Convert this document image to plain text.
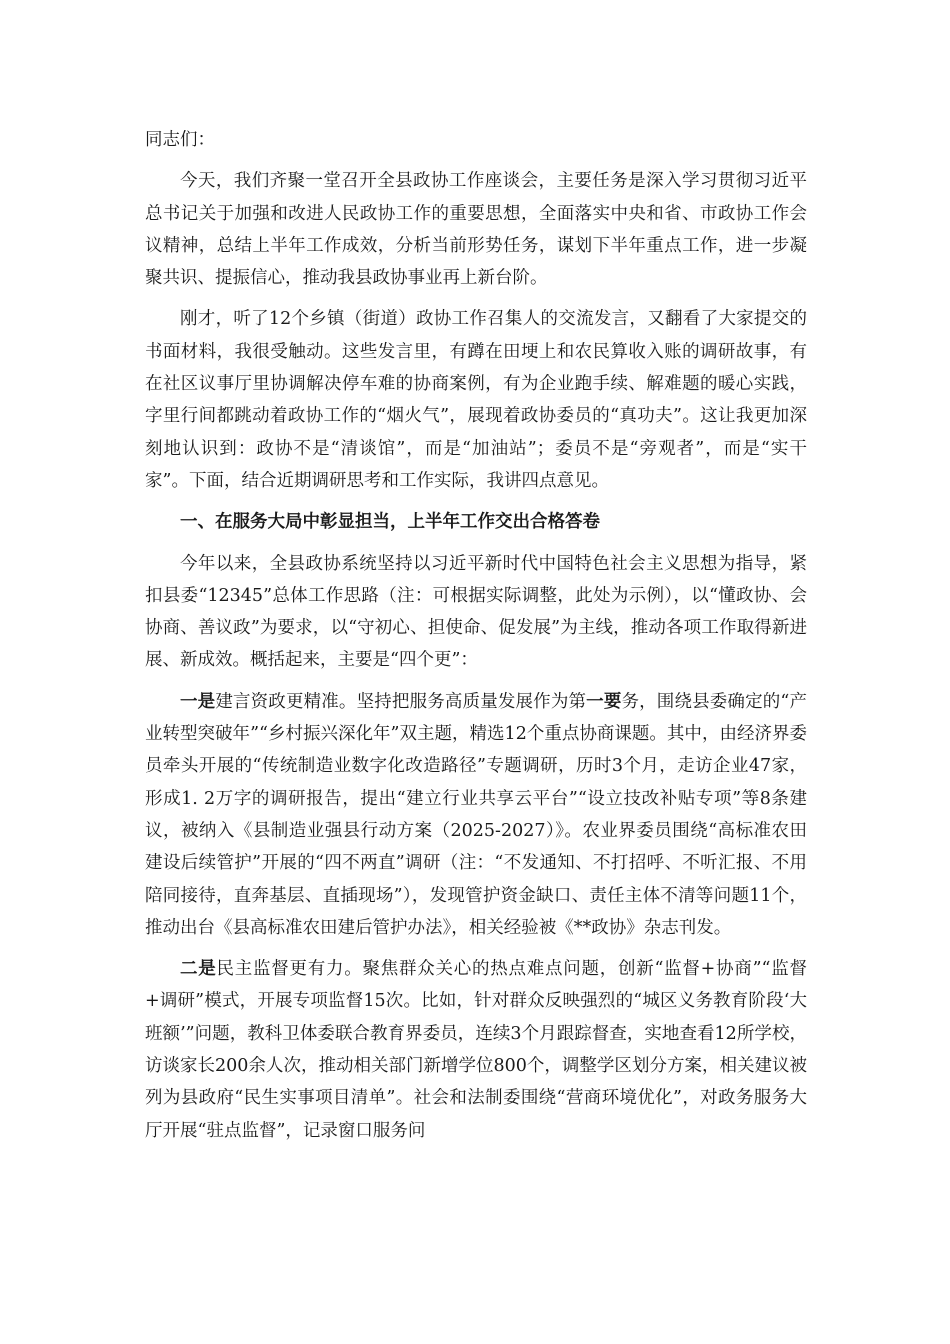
同志们：

今天，我们齐聚一堂召开全县政协工作座谈会，主要任务是深入学习贯彻习近平总书记关于加强和改进人民政协工作的重要思想，全面落实中央和省、市政协工作会议精神，总结上半年工作成效，分析当前形势任务，谋划下半年重点工作，进一步凝聚共识、提振信心，推动我县政协事业再上新台阶。

刚才，听了12个乡镇（街道）政协工作召集人的交流发言，又翻看了大家提交的书面材料，我很受触动。这些发言里，有蹲在田埂上和农民算收入账的调研故事，有在社区议事厅里协调解决停车难的协商案例，有为企业跑手续、解难题的暖心实践，字里行间都跳动着政协工作的“烟火气”，展现着政协委员的“真功夫”。这让我更加深刻地认识到：政协不是“清谈馆”，而是“加油站”；委员不是“旁观者”，而是“实干家”。下面，结合近期调研思考和工作实际，我讲四点意见。

一、在服务大局中彰显担当，上半年工作交出合格答卷

今年以来，全县政协系统坚持以习近平新时代中国特色社会主义思想为指导，紧扣县委“12345”总体工作思路（注：可根据实际调整，此处为示例），以“懂政协、会协商、善议政”为要求，以“守初心、担使命、促发展”为主线，推动各项工作取得新进展、新成效。概括起来，主要是“四个更”：

一是建言资政更精准。坚持把服务高质量发展作为第一要务，围绕县委确定的“产业转型突破年”“乡村振兴深化年”双主题，精选12个重点协商课题。其中，由经济界委员牵头开展的“传统制造业数字化改造路径”专题调研，历时3个月，走访企业47家，形成1. 2万字的调研报告，提出“建立行业共享云平台”“设立技改补贴专项”等8条建议，被纳入《县制造业强县行动方案（2025-2027）》。农业界委员围绕“高标准农田建设后续管护”开展的“四不两直”调研（注：“不发通知、不打招呼、不听汇报、不用陪同接待，直奔基层、直插现场”），发现管护资金缺口、责任主体不清等问题11个，推动出台《县高标准农田建后管护办法》，相关经验被《**政协》杂志刊发。

二是民主监督更有力。聚焦群众关心的热点难点问题，创新“监督+协商”“监督+调研”模式，开展专项监督15次。比如，针对群众反映强烈的“城区义务教育阶段‘大班额’”问题，教科卫体委联合教育界委员，连续3个月跟踪督查，实地查看12所学校，访谈家长200余人次，推动相关部门新增学位800个，调整学区划分方案，相关建议被列为县政府“民生实事项目清单”。社会和法制委围绕“营商环境优化”，对政务服务大厅开展“驻点监督”，记录窗口服务问
